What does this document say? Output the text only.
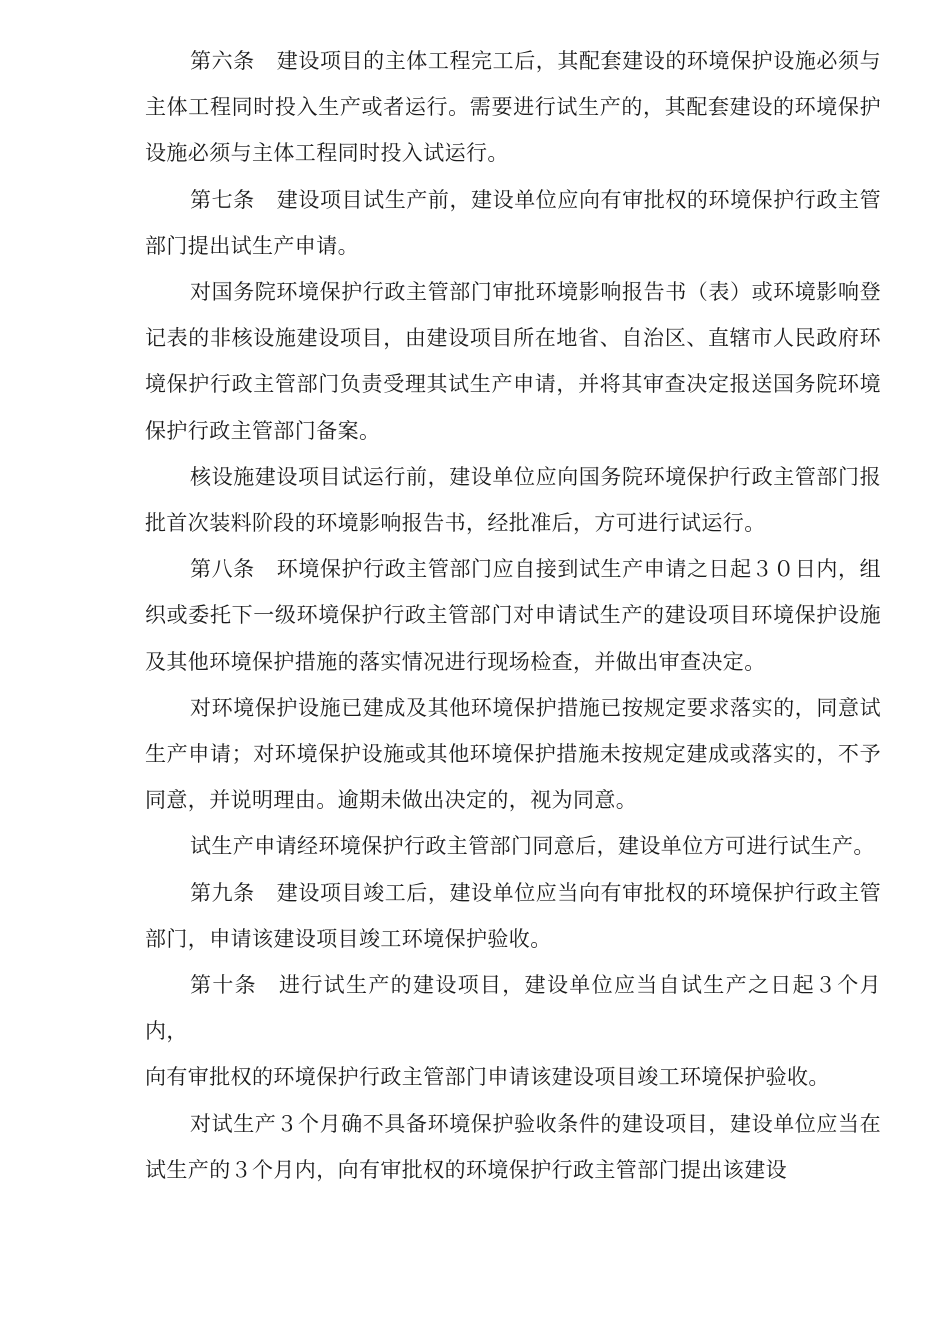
第六条 建设项目的主体工程完工后，其配套建设的环境保护设施必须与主体工程同时投入生产或者运行。需要进行试生产的，其配套建设的环境保护设施必须与主体工程同时投入试运行。

第七条 建设项目试生产前，建设单位应向有审批权的环境保护行政主管部门提出试生产申请。

对国务院环境保护行政主管部门审批环境影响报告书（表）或环境影响登记表的非核设施建设项目，由建设项目所在地省、自治区、直辖市人民政府环境保护行政主管部门负责受理其试生产申请，并将其审查决定报送国务院环境保护行政主管部门备案。

核设施建设项目试运行前，建设单位应向国务院环境保护行政主管部门报批首次装料阶段的环境影响报告书，经批准后，方可进行试运行。

第八条 环境保护行政主管部门应自接到试生产申请之日起３０日内，组织或委托下一级环境保护行政主管部门对申请试生产的建设项目环境保护设施及其他环境保护措施的落实情况进行现场检查，并做出审查决定。

对环境保护设施已建成及其他环境保护措施已按规定要求落实的，同意试生产申请；对环境保护设施或其他环境保护措施未按规定建成或落实的，不予同意，并说明理由。逾期未做出决定的，视为同意。

试生产申请经环境保护行政主管部门同意后，建设单位方可进行试生产。

第九条 建设项目竣工后，建设单位应当向有审批权的环境保护行政主管部门，申请该建设项目竣工环境保护验收。

第十条 进行试生产的建设项目，建设单位应当自试生产之日起３个月内，

向有审批权的环境保护行政主管部门申请该建设项目竣工环境保护验收。

对试生产３个月确不具备环境保护验收条件的建设项目，建设单位应当在试生产的３个月内，向有审批权的环境保护行政主管部门提出该建设
